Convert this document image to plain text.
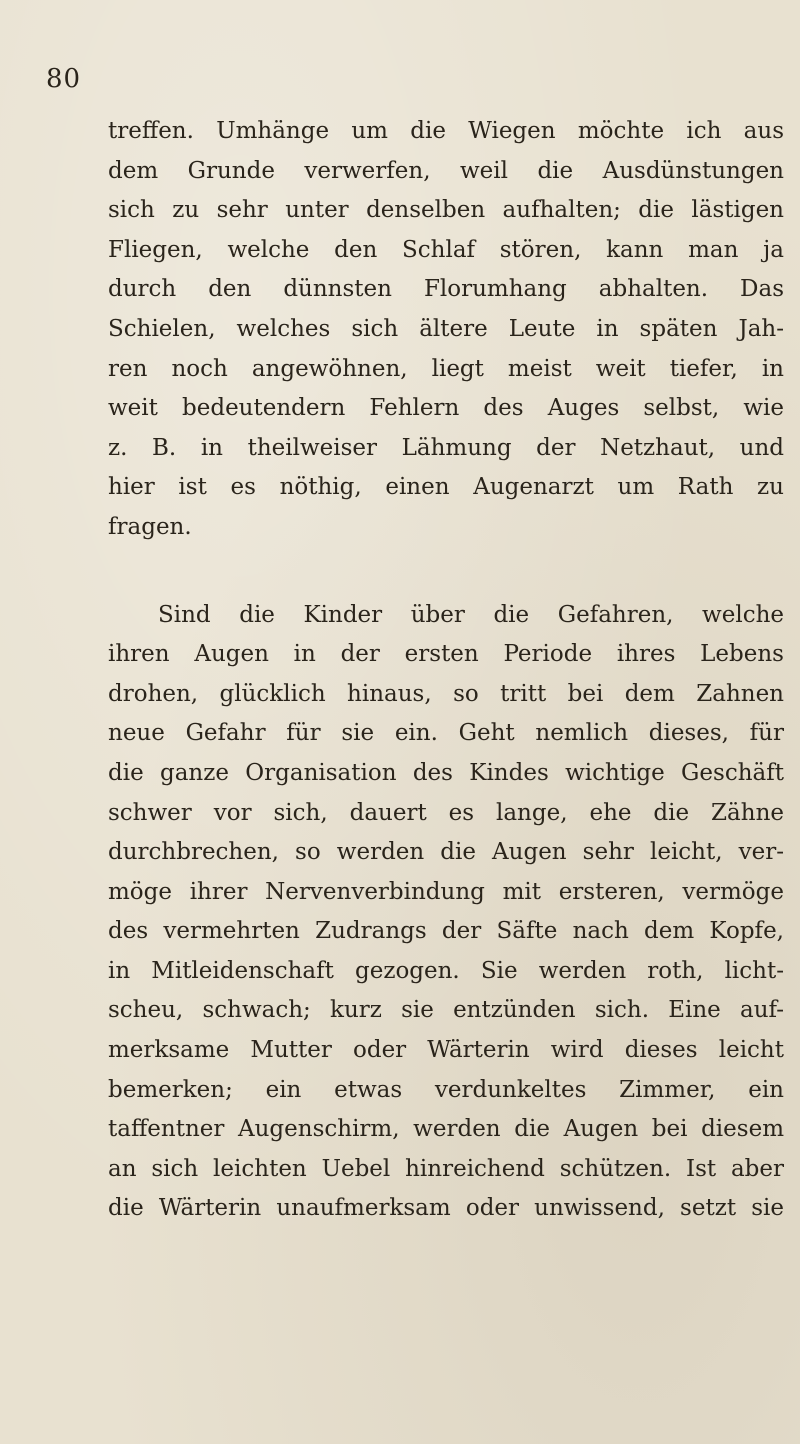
80
treffen. Umhänge um die Wiegen möchte ich aus
dem Grunde verwerfen, weil die Ausdünstungen
sich zu sehr unter denselben aufhalten; die lästigen
Fliegen, welche den Schlaf stören, kann man ja
durch den dünnsten Florumhang abhalten. Das
Schielen, welches sich ältere Leute in späten Jah-
ren noch angewöhnen, liegt meist weit tiefer, in
weit bedeutendern Fehlern des Auges selbst, wie
z. B. in theilweiser Lähmung der Netzhaut, und
hier ist es nöthig, einen Augenarzt um Rath zu
fragen.
Sind die Kinder über die Gefahren, welche
ihren Augen in der ersten Periode ihres Lebens
drohen, glücklich hinaus, so tritt bei dem Zahnen
neue Gefahr für sie ein. Geht nemlich dieses, für
die ganze Organisation des Kindes wichtige Geschäft
schwer vor sich, dauert es lange, ehe die Zähne
durchbrechen, so werden die Augen sehr leicht, ver-
möge ihrer Nervenverbindung mit ersteren, vermöge
des vermehrten Zudrangs der Säfte nach dem Kopfe,
in Mitleidenschaft gezogen. Sie werden roth, licht-
scheu, schwach; kurz sie entzünden sich. Eine auf-
merksame Mutter oder Wärterin wird dieses leicht
bemerken; ein etwas verdunkeltes Zimmer, ein
taffentner Augenschirm, werden die Augen bei diesem
an sich leichten Uebel hinreichend schützen. Ist aber
die Wärterin unaufmerksam oder unwissend, setzt sie
